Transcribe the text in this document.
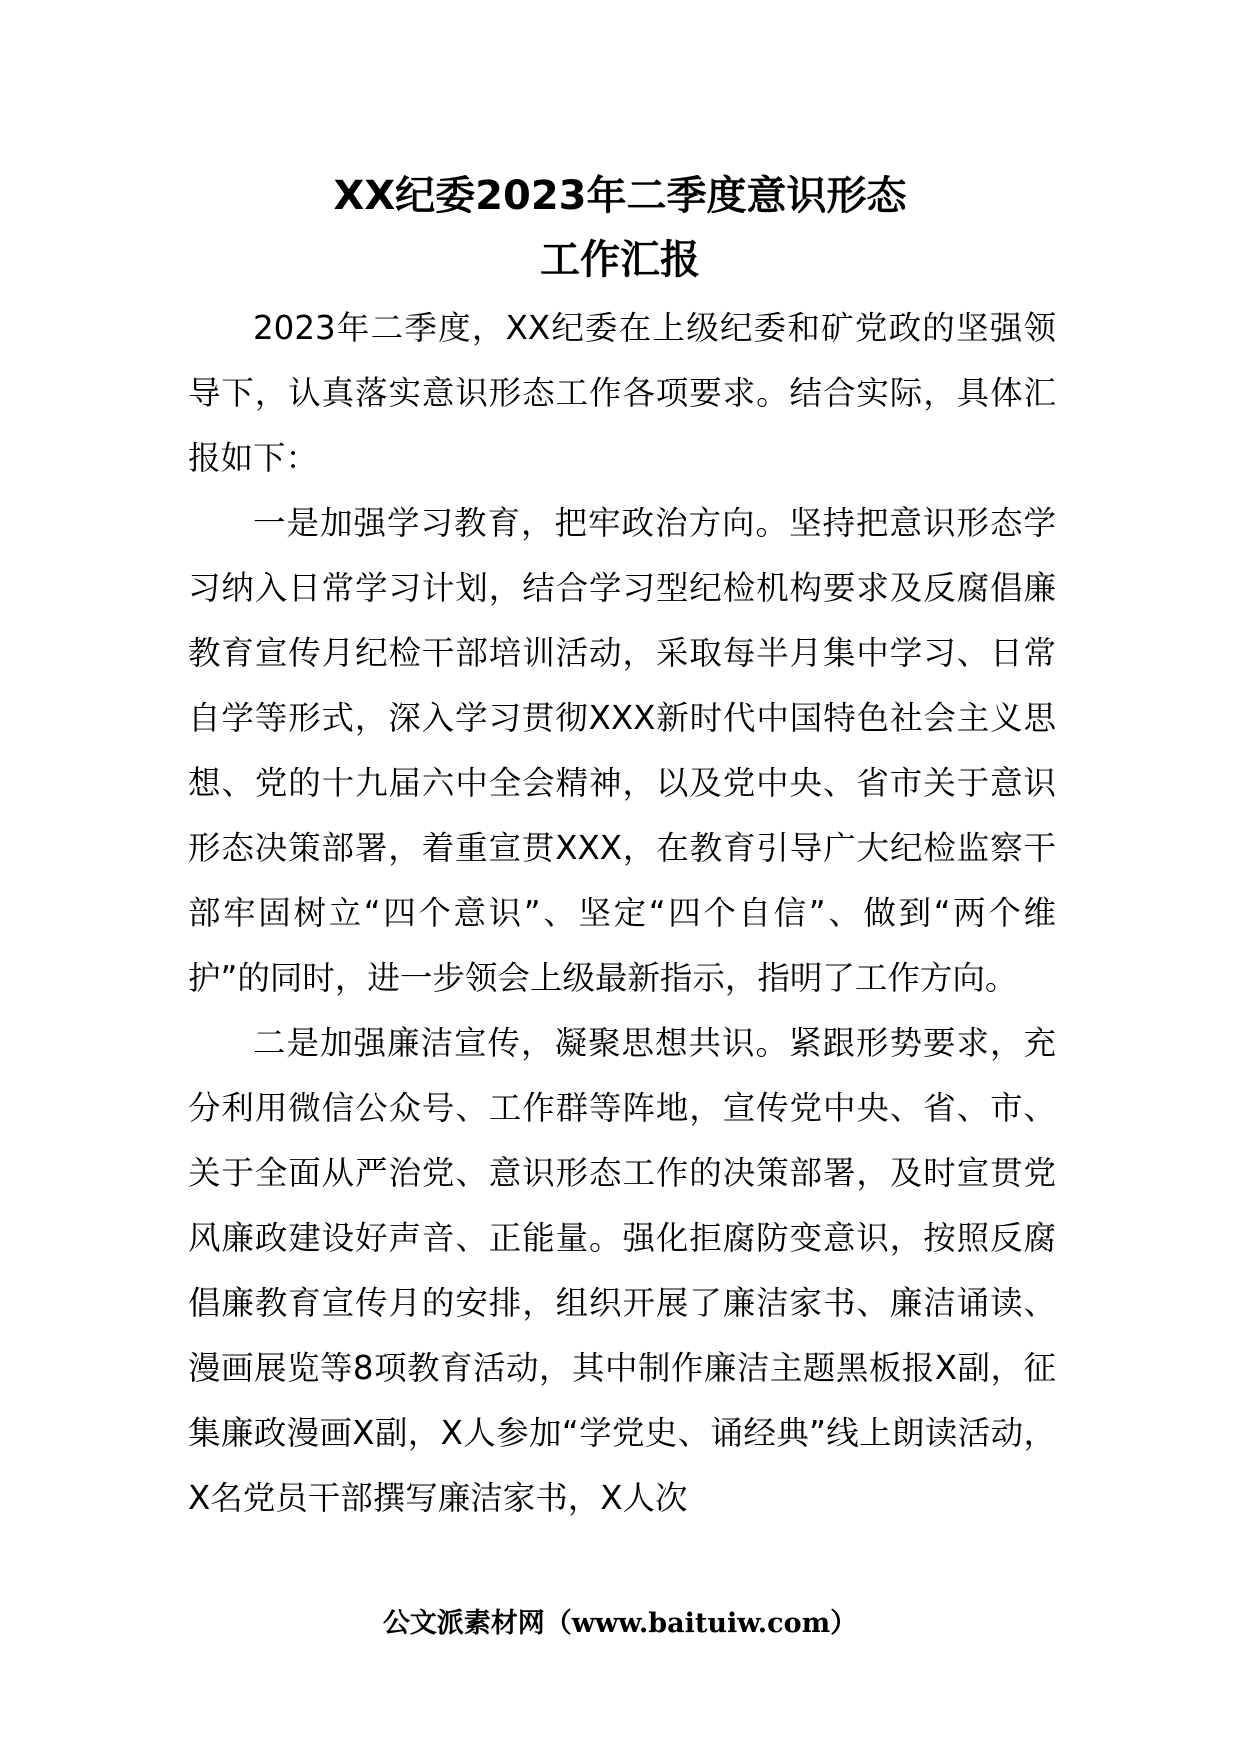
XX纪委2023年二季度意识形态
工作汇报

2023年二季度，XX纪委在上级纪委和矿党政的坚强领导下，认真落实意识形态工作各项要求。结合实际，具体汇报如下：

一是加强学习教育，把牢政治方向。坚持把意识形态学习纳入日常学习计划，结合学习型纪检机构要求及反腐倡廉教育宣传月纪检干部培训活动，采取每半月集中学习、日常自学等形式，深入学习贯彻XXX新时代中国特色社会主义思想、党的十九届六中全会精神，以及党中央、省市关于意识形态决策部署，着重宣贯XXX，在教育引导广大纪检监察干部牢固树立“四个意识”、坚定“四个自信”、做到“两个维护”的同时，进一步领会上级最新指示，指明了工作方向。

二是加强廉洁宣传，凝聚思想共识。紧跟形势要求，充分利用微信公众号、工作群等阵地，宣传党中央、省、市、关于全面从严治党、意识形态工作的决策部署，及时宣贯党风廉政建设好声音、正能量。强化拒腐防变意识，按照反腐倡廉教育宣传月的安排，组织开展了廉洁家书、廉洁诵读、漫画展览等8项教育活动，其中制作廉洁主题黑板报X副，征集廉政漫画X副，X人参加“学党史、诵经典”线上朗读活动，X名党员干部撰写廉洁家书，X人次

公文派素材网（www.baituiw.com）
